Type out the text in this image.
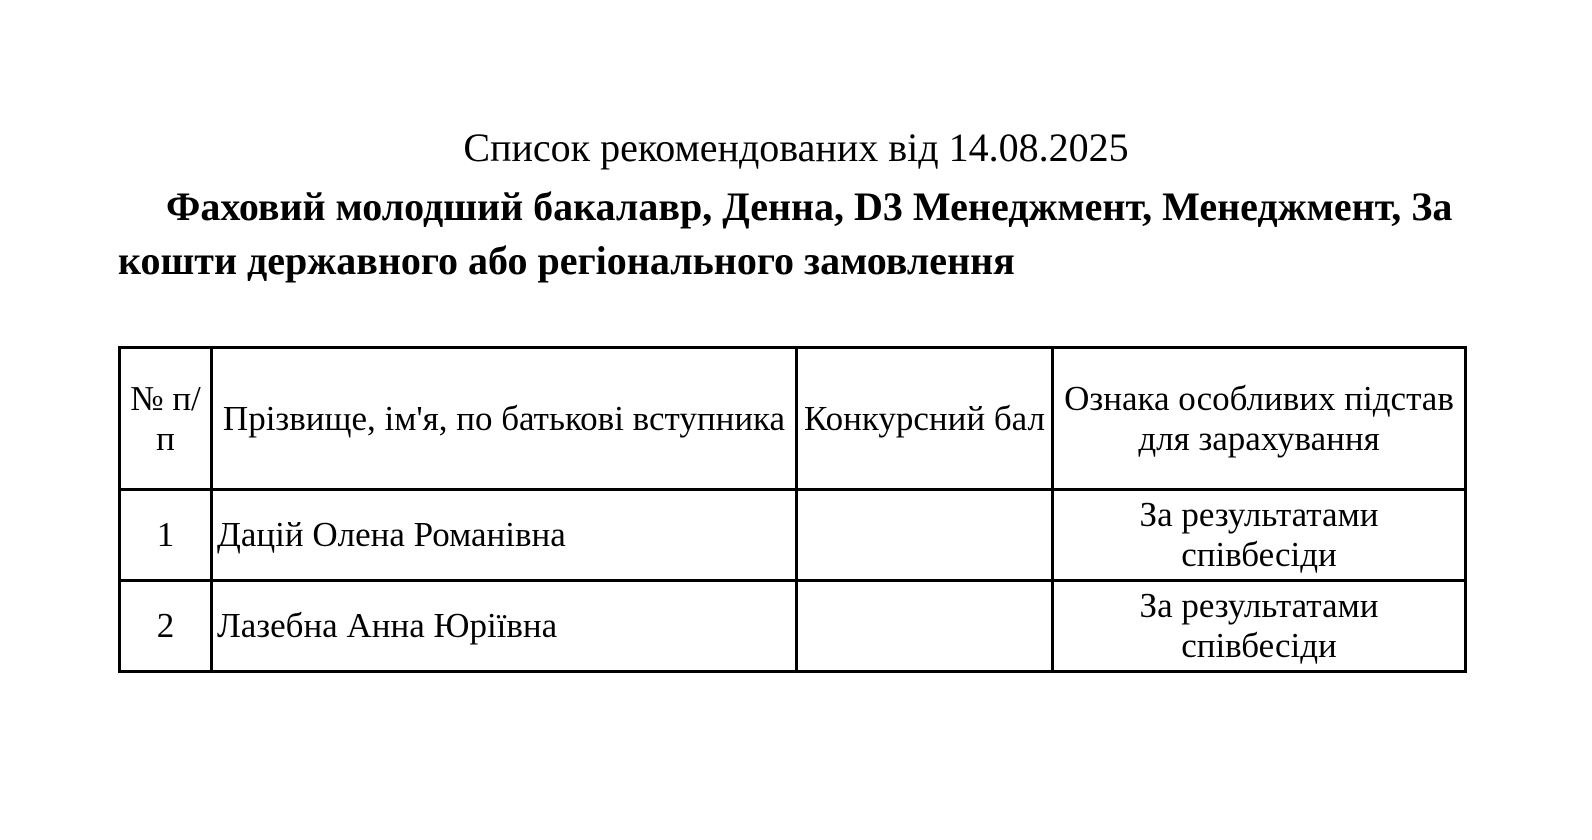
Список рекомендованих від 14.08.2025

Фаховий молодший бакалавр, Денна, D3 Менеджмент, Менеджмент, За кошти державного або регіонального замовлення

№ п/п	Прізвище, ім'я, по батькові вступника	Конкурсний бал	Ознака особливих підстав для зарахування
1	Дацій Олена Романівна		За результатами співбесіди
2	Лазебна Анна Юріївна		За результатами співбесіди
